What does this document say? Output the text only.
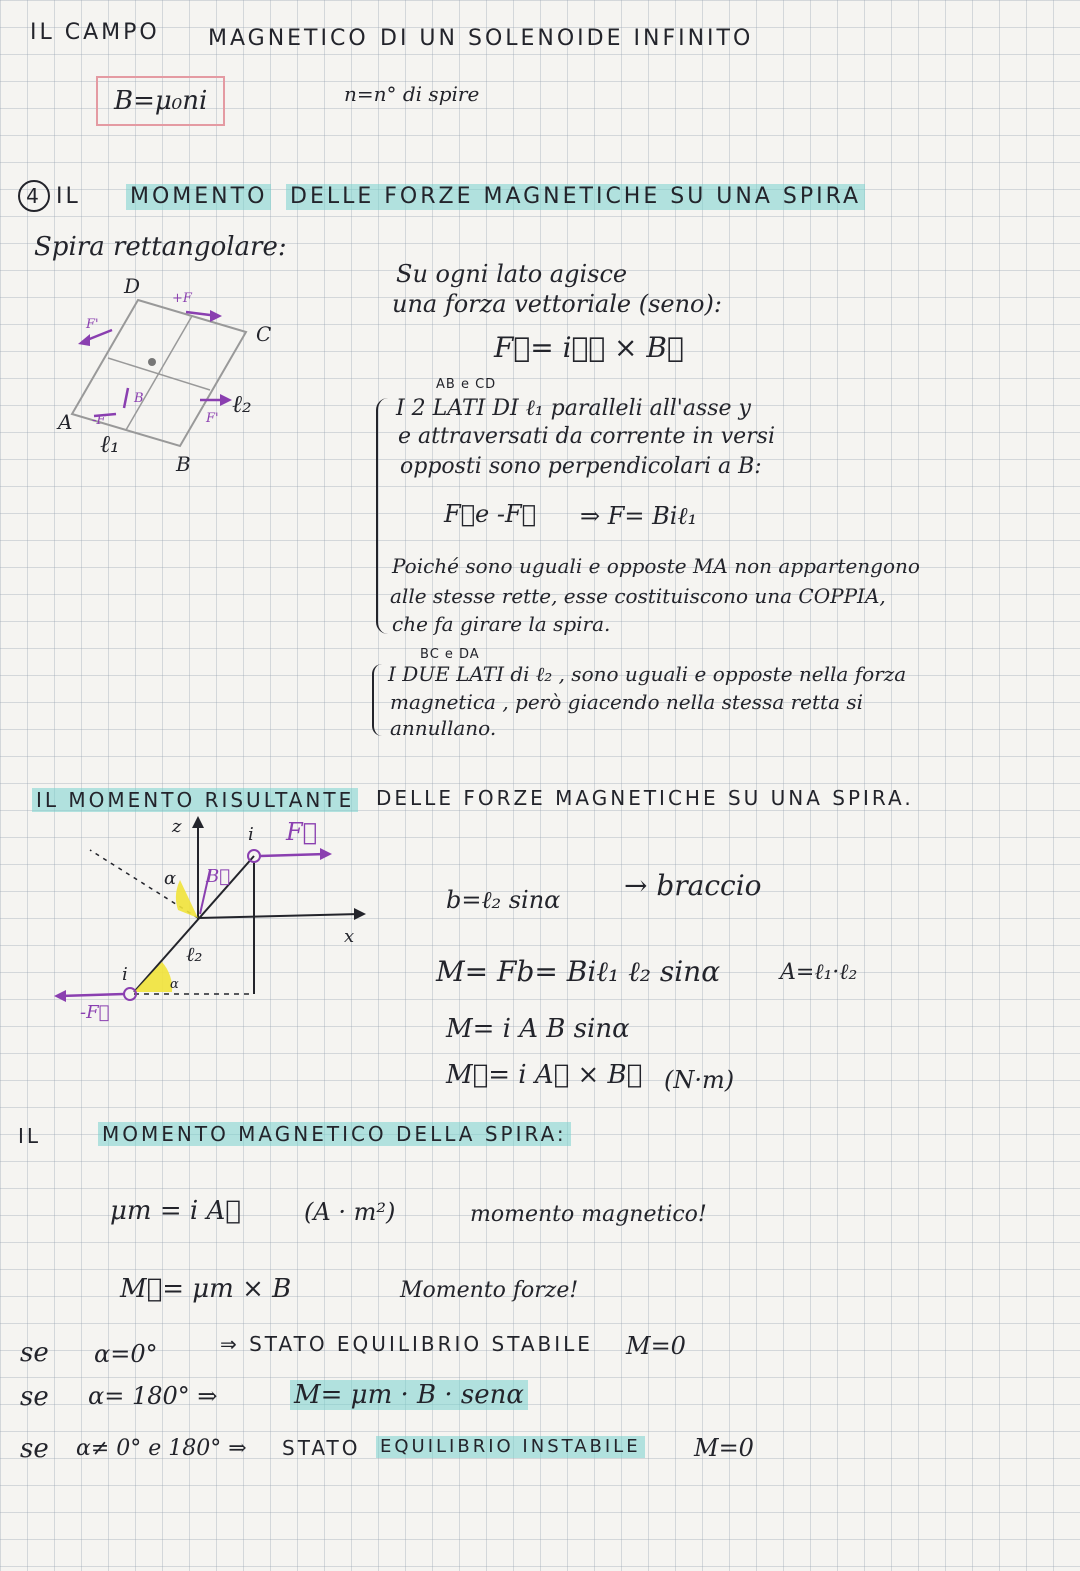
IL CAMPO MAGNETICO DI UN SOLENOIDE INFINITO
B=μ₀ni	n=n° di spire
4 IL MOMENTO DELLE FORZE MAGNETICHE SU UNA SPIRA
Spira rettangolare:
D
C
A
B
ℓ₁
ℓ₂
F'
+F
B
F'
-F
Su ogni lato agisce
una forza vettoriale (seno):
F⃗= iℓ⃗ × B⃗
AB e CD
I 2 LATI DI ℓ₁ paralleli all'asse y
e attraversati da corrente in versi
opposti sono perpendicolari a B:
F⃗e -F⃗ ⇒ F= Biℓ₁
Poiché sono uguali e opposte MA non appartengono
alle stesse rette, esse costituiscono una COPPIA,
che fa girare la spira.
BC e DA
I DUE LATI di ℓ₂ , sono uguali e opposte nella forza
magnetica , però giacendo nella stessa retta si
annullano.
IL MOMENTO RISULTANTE DELLE FORZE MAGNETICHE SU UNA SPIRA.
z
x
i
i
F⃗
-F⃗
B⃗
α
α
ℓ₂
b=ℓ₂ sinα → braccio
M= Fb= Biℓ₁ ℓ₂ sinα	A=ℓ₁·ℓ₂
M= i A B sinα
M⃗= i A⃗ × B⃗ (N·m)
IL	MOMENTO MAGNETICO DELLA SPIRA:
μm = i A⃗	(A · m²)	momento magnetico!
M⃗= μm × B	Momento forze!
se α=0°	⇒ STATO EQUILIBRIO STABILE M=0
se α= 180° ⇒	M= μm · B · senα
se α≠ 0° e 180° ⇒ STATO EQUILIBRIO INSTABILE M=0
